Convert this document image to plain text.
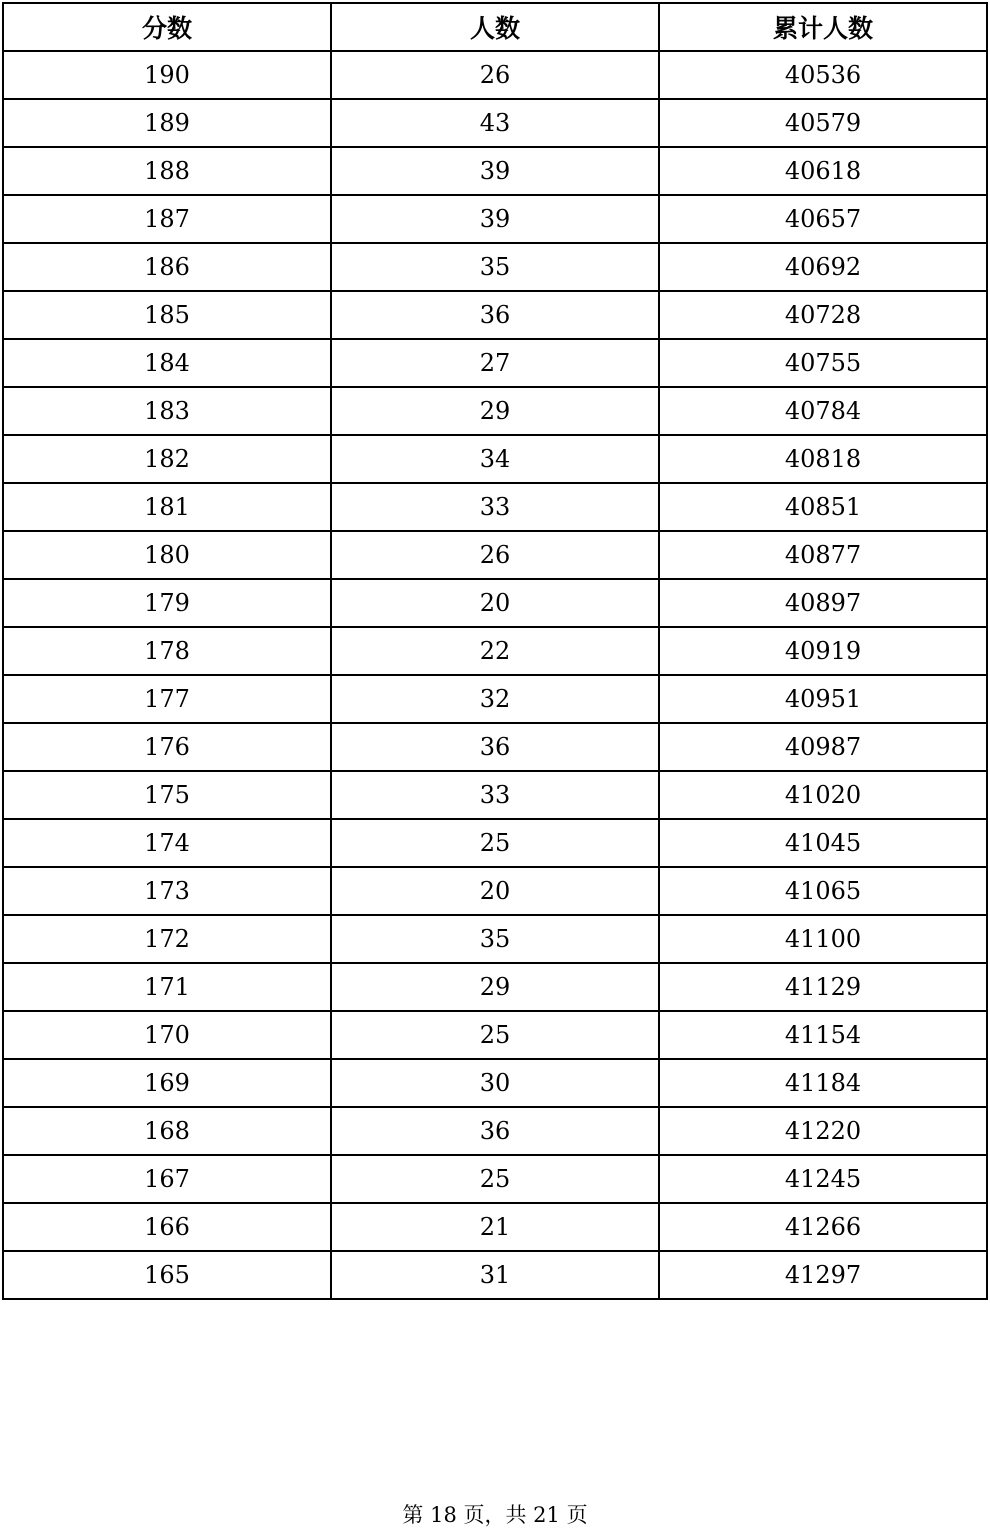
分数	人数	累计人数
190	26	40536
189	43	40579
188	39	40618
187	39	40657
186	35	40692
185	36	40728
184	27	40755
183	29	40784
182	34	40818
181	33	40851
180	26	40877
179	20	40897
178	22	40919
177	32	40951
176	36	40987
175	33	41020
174	25	41045
173	20	41065
172	35	41100
171	29	41129
170	25	41154
169	30	41184
168	36	41220
167	25	41245
166	21	41266
165	31	41297
第 18 页，共 21 页
